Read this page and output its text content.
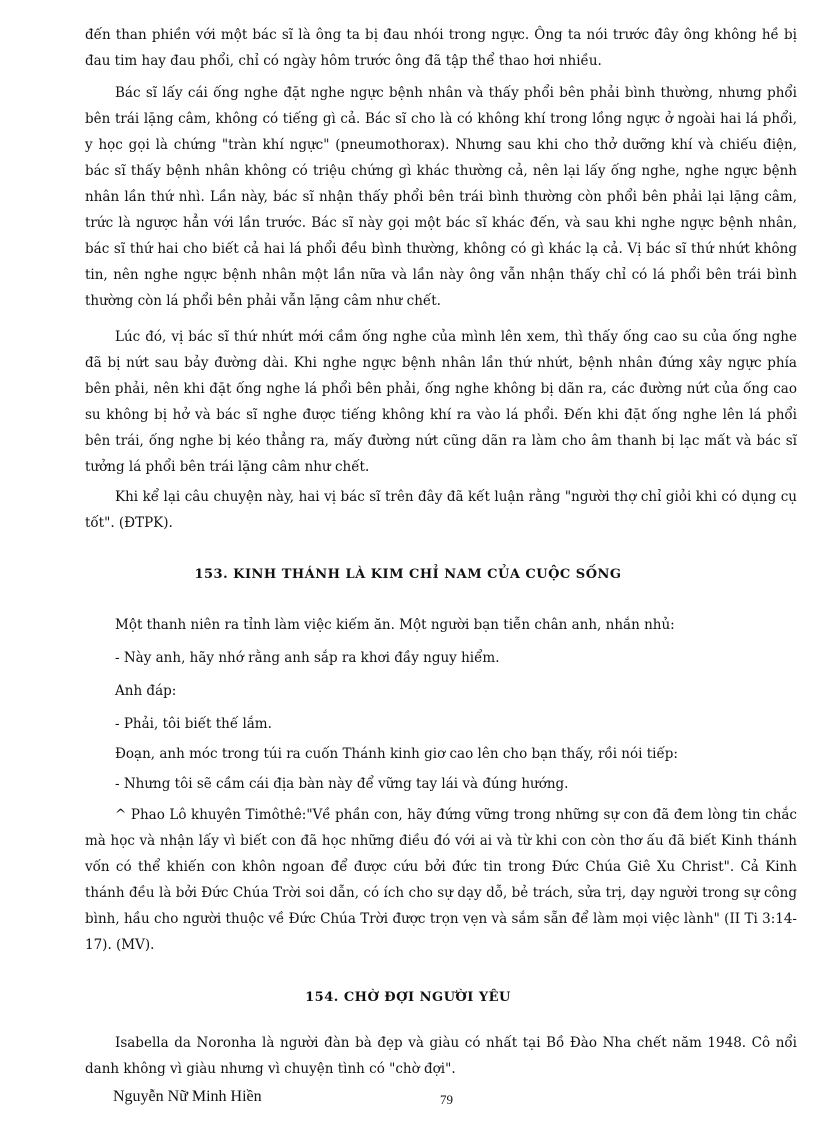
đến than phiền với một bác sĩ là ông ta bị đau nhói trong ngực. Ông ta nói trước đây ông không hề bị đau tim hay đau phổi, chỉ có ngày hôm trước ông đã tập thể thao hơi nhiều.

Bác sĩ lấy cái ống nghe đặt nghe ngực bệnh nhân và thấy phổi bên phải bình thường, nhưng phổi bên trái lặng câm, không có tiếng gì cả. Bác sĩ cho là có không khí trong lồng ngực ở ngoài hai lá phổi, y học gọi là chứng "tràn khí ngực" (pneumothorax). Nhưng sau khi cho thở dưỡng khí và chiếu điện, bác sĩ thấy bệnh nhân không có triệu chứng gì khác thường cả, nên lại lấy ống nghe, nghe ngực bệnh nhân lần thứ nhì. Lần này, bác sĩ nhận thấy phổi bên trái bình thường còn phổi bên phải lại lặng câm, trức là ngược hẳn với lần trước. Bác sĩ này gọi một bác sĩ khác đến, và sau khi nghe ngực bệnh nhân, bác sĩ thứ hai cho biết cả hai lá phổi đều bình thường, không có gì khác lạ cả. Vị bác sĩ thứ nhứt không tin, nên nghe ngực bệnh nhân một lần nữa và lần này ông vẫn nhận thấy chỉ có lá phổi bên trái bình thường còn lá phổi bên phải vẫn lặng câm như chết.

Lúc đó, vị bác sĩ thứ nhứt mới cầm ống nghe của mình lên xem, thì thấy ống cao su của ống nghe đã bị nứt sau bảy đường dài. Khi nghe ngực bệnh nhân lần thứ nhứt, bệnh nhân đứng xây ngực phía bên phải, nên khi đặt ống nghe lá phổi bên phải, ống nghe không bị dãn ra, các đường nứt của ống cao su không bị hở và bác sĩ nghe được tiếng không khí ra vào lá phổi. Đến khi đặt ống nghe lên lá phổi bên trái, ống nghe bị kéo thẳng ra, mấy đường nứt cũng dãn ra làm cho âm thanh bị lạc mất và bác sĩ tưởng lá phổi bên trái lặng câm như chết.

Khi kể lại câu chuyện này, hai vị bác sĩ trên đây đã kết luận rằng "người thợ chỉ giỏi khi có dụng cụ tốt". (ĐTPK).

153. KINH THÁNH LÀ KIM CHỈ NAM CỦA CUỘC SỐNG

Một thanh niên ra tỉnh làm việc kiếm ăn. Một người bạn tiễn chân anh, nhắn nhủ:

- Này anh, hãy nhớ rằng anh sắp ra khơi đầy nguy hiểm.

Anh đáp:

- Phải, tôi biết thế lắm.

Đoạn, anh móc trong túi ra cuốn Thánh kinh giơ cao lên cho bạn thấy, rồi nói tiếp:

- Nhưng tôi sẽ cầm cái địa bàn này để vững tay lái và đúng hướng.

^ Phao Lô khuyên Timôthê:"Về phần con, hãy đứng vững trong những sự con đã đem lòng tin chắc mà học và nhận lấy vì biết con đã học những điều đó với ai và từ khi con còn thơ ấu đã biết Kinh thánh vốn có thể khiến con khôn ngoan để được cứu bởi đức tin trong Đức Chúa Giê Xu Christ". Cả Kinh thánh đều là bởi Đức Chúa Trời soi dẫn, có ích cho sự dạy dỗ, bẻ trách, sửa trị, dạy người trong sự công bình, hầu cho người thuộc về Đức Chúa Trời được trọn vẹn và sắm sẵn để làm mọi việc lành" (II Ti 3:14-17). (MV).

154. CHỜ ĐỢI NGƯỜI YÊU

Isabella da Noronha là người đàn bà đẹp và giàu có nhất tại Bồ Đào Nha chết năm 1948. Cô nổi danh không vì giàu nhưng vì chuyện tình có "chờ đợi".

Nguyễn Nữ Minh Hiền	79
